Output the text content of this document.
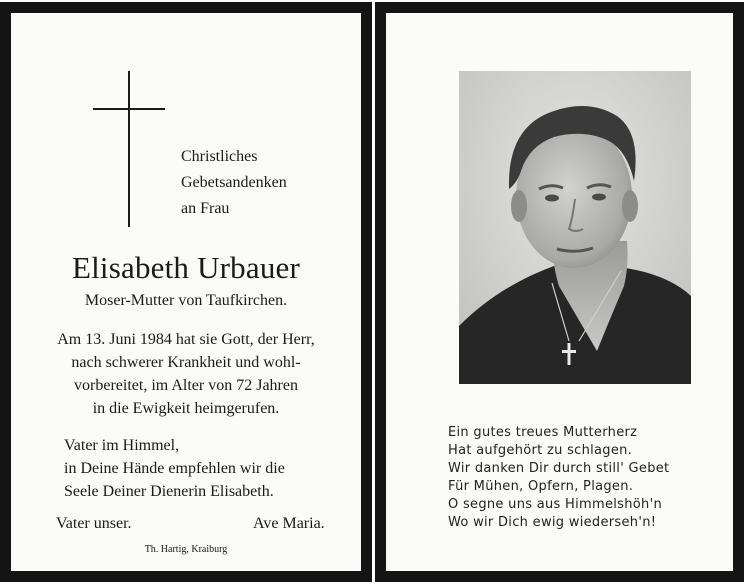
Christliches
Gebetsandenken
an Frau
Elisabeth Urbauer
Moser-Mutter von Taufkirchen.
Am 13. Juni 1984 hat sie Gott, der Herr,
nach schwerer Krankheit und wohl-
vorbereitet, im Alter von 72 Jahren
in die Ewigkeit heimgerufen.
Vater im Himmel,
in Deine Hände empfehlen wir die
Seele Deiner Dienerin Elisabeth.
Vater unser.	Ave Maria.
Th. Hartig, Kraiburg
Ein gutes treues Mutterherz
Hat aufgehört zu schlagen.
Wir danken Dir durch still' Gebet
Für Mühen, Opfern, Plagen.
O segne uns aus Himmelshöh'n
Wo wir Dich ewig wiederseh'n!
